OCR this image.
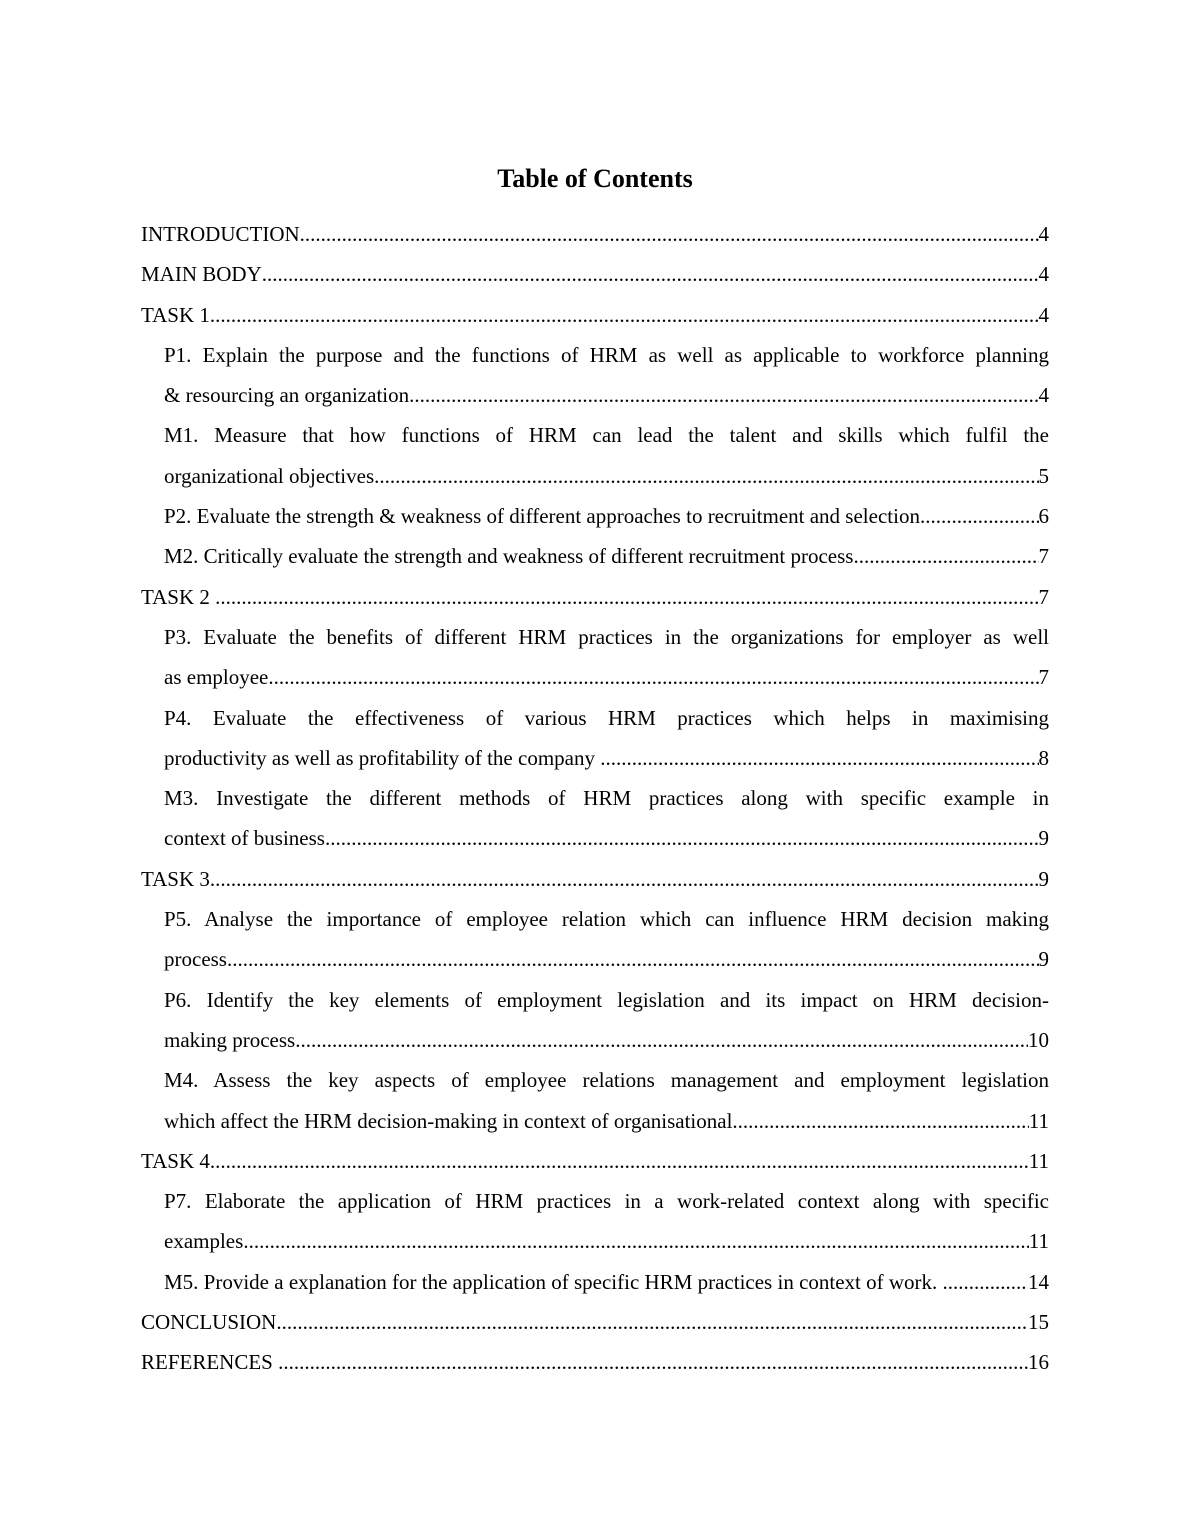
Table of Contents
INTRODUCTION .....	4
MAIN BODY .....	4
TASK 1 .....	4
P1. Explain the purpose and the functions of HRM as well as applicable to workforce planning
& resourcing an organization .....	4
M1. Measure that how functions of HRM can lead the talent and skills which fulfil the
organizational objectives .....	5
P2. Evaluate the strength & weakness of different approaches to recruitment and selection. .....	6
M2. Critically evaluate the strength and weakness of different recruitment process .....	7
TASK 2 .....	7
P3. Evaluate the benefits of different HRM practices in the organizations for employer as well
as employee .....	7
P4. Evaluate the effectiveness of various HRM practices which helps in maximising
productivity as well as profitability of the company .....	8
M3. Investigate the different methods of HRM practices along with specific example in
context of business .....	9
TASK 3 .....	9
P5. Analyse the importance of employee relation which can influence HRM decision making
process .....	9
P6. Identify the key elements of employment legislation and its impact on HRM decision-
making process .....	10
M4. Assess the key aspects of employee relations management and employment legislation
which affect the HRM decision-making in context of organisational .....	11
TASK 4 .....	11
P7. Elaborate the application of HRM practices in a work-related context along with specific
examples .....	11
M5. Provide a explanation for the application of specific HRM practices in context of work. .....	14
CONCLUSION .....	15
REFERENCES .....	16
